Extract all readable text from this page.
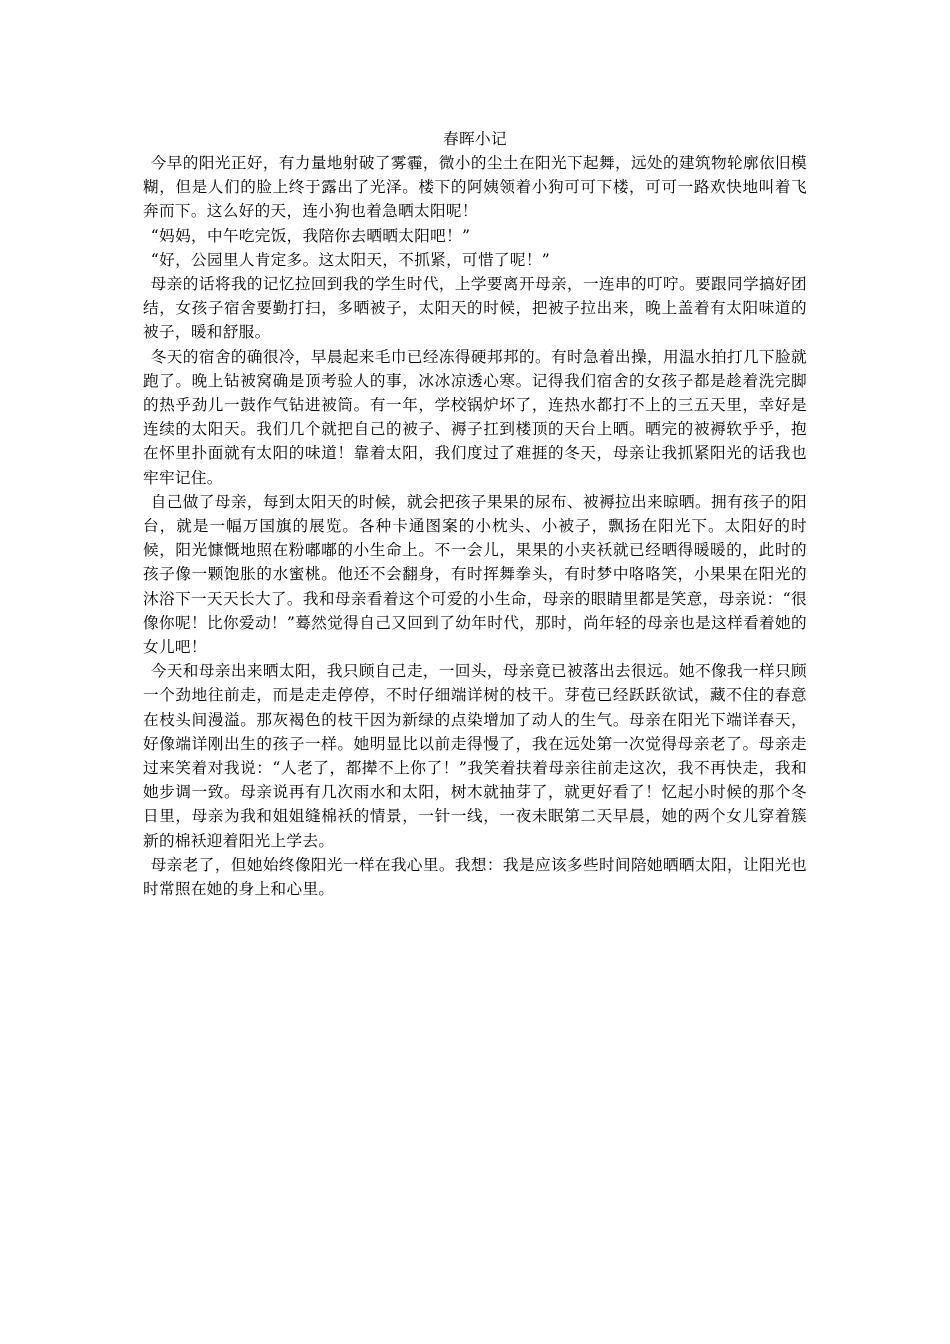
春晖小记

今早的阳光正好，有力量地射破了雾霾，微小的尘土在阳光下起舞，远处的建筑物轮廓依旧模糊，但是人们的脸上终于露出了光泽。楼下的阿姨领着小狗可可下楼，可可一路欢快地叫着飞奔而下。这么好的天，连小狗也着急晒太阳呢！

“妈妈，中午吃完饭，我陪你去晒晒太阳吧！”

“好，公园里人肯定多。这太阳天，不抓紧，可惜了呢！”

母亲的话将我的记忆拉回到我的学生时代，上学要离开母亲，一连串的叮咛。要跟同学搞好团结，女孩子宿舍要勤打扫，多晒被子，太阳天的时候，把被子拉出来，晚上盖着有太阳味道的被子，暖和舒服。

冬天的宿舍的确很冷，早晨起来毛巾已经冻得硬邦邦的。有时急着出操，用温水拍打几下脸就跑了。晚上钻被窝确是顶考验人的事，冰冰凉透心寒。记得我们宿舍的女孩子都是趁着洗完脚的热乎劲儿一鼓作气钻进被筒。有一年，学校锅炉坏了，连热水都打不上的三五天里，幸好是连续的太阳天。我们几个就把自己的被子、褥子扛到楼顶的天台上晒。晒完的被褥软乎乎，抱在怀里扑面就有太阳的味道！靠着太阳，我们度过了难捱的冬天，母亲让我抓紧阳光的话我也牢牢记住。

自己做了母亲，每到太阳天的时候，就会把孩子果果的尿布、被褥拉出来晾晒。拥有孩子的阳台，就是一幅万国旗的展览。各种卡通图案的小枕头、小被子，飘扬在阳光下。太阳好的时候，阳光慷慨地照在粉嘟嘟的小生命上。不一会儿，果果的小夹袄就已经晒得暖暖的，此时的孩子像一颗饱胀的水蜜桃。他还不会翻身，有时挥舞拳头，有时梦中咯咯笑，小果果在阳光的沐浴下一天天长大了。我和母亲看着这个可爱的小生命，母亲的眼睛里都是笑意，母亲说：“很像你呢！比你爱动！”蓦然觉得自己又回到了幼年时代，那时，尚年轻的母亲也是这样看着她的女儿吧！

今天和母亲出来晒太阳，我只顾自己走，一回头，母亲竟已被落出去很远。她不像我一样只顾一个劲地往前走，而是走走停停，不时仔细端详树的枝干。芽苞已经跃跃欲试，藏不住的春意在枝头间漫溢。那灰褐色的枝干因为新绿的点染增加了动人的生气。母亲在阳光下端详春天，好像端详刚出生的孩子一样。她明显比以前走得慢了，我在远处第一次觉得母亲老了。母亲走过来笑着对我说：“人老了，都撵不上你了！”我笑着扶着母亲往前走这次，我不再快走，我和她步调一致。母亲说再有几次雨水和太阳，树木就抽芽了，就更好看了！忆起小时候的那个冬日里，母亲为我和姐姐缝棉袄的情景，一针一线，一夜未眠第二天早晨，她的两个女儿穿着簇新的棉袄迎着阳光上学去。

母亲老了，但她始终像阳光一样在我心里。我想：我是应该多些时间陪她晒晒太阳，让阳光也时常照在她的身上和心里。
